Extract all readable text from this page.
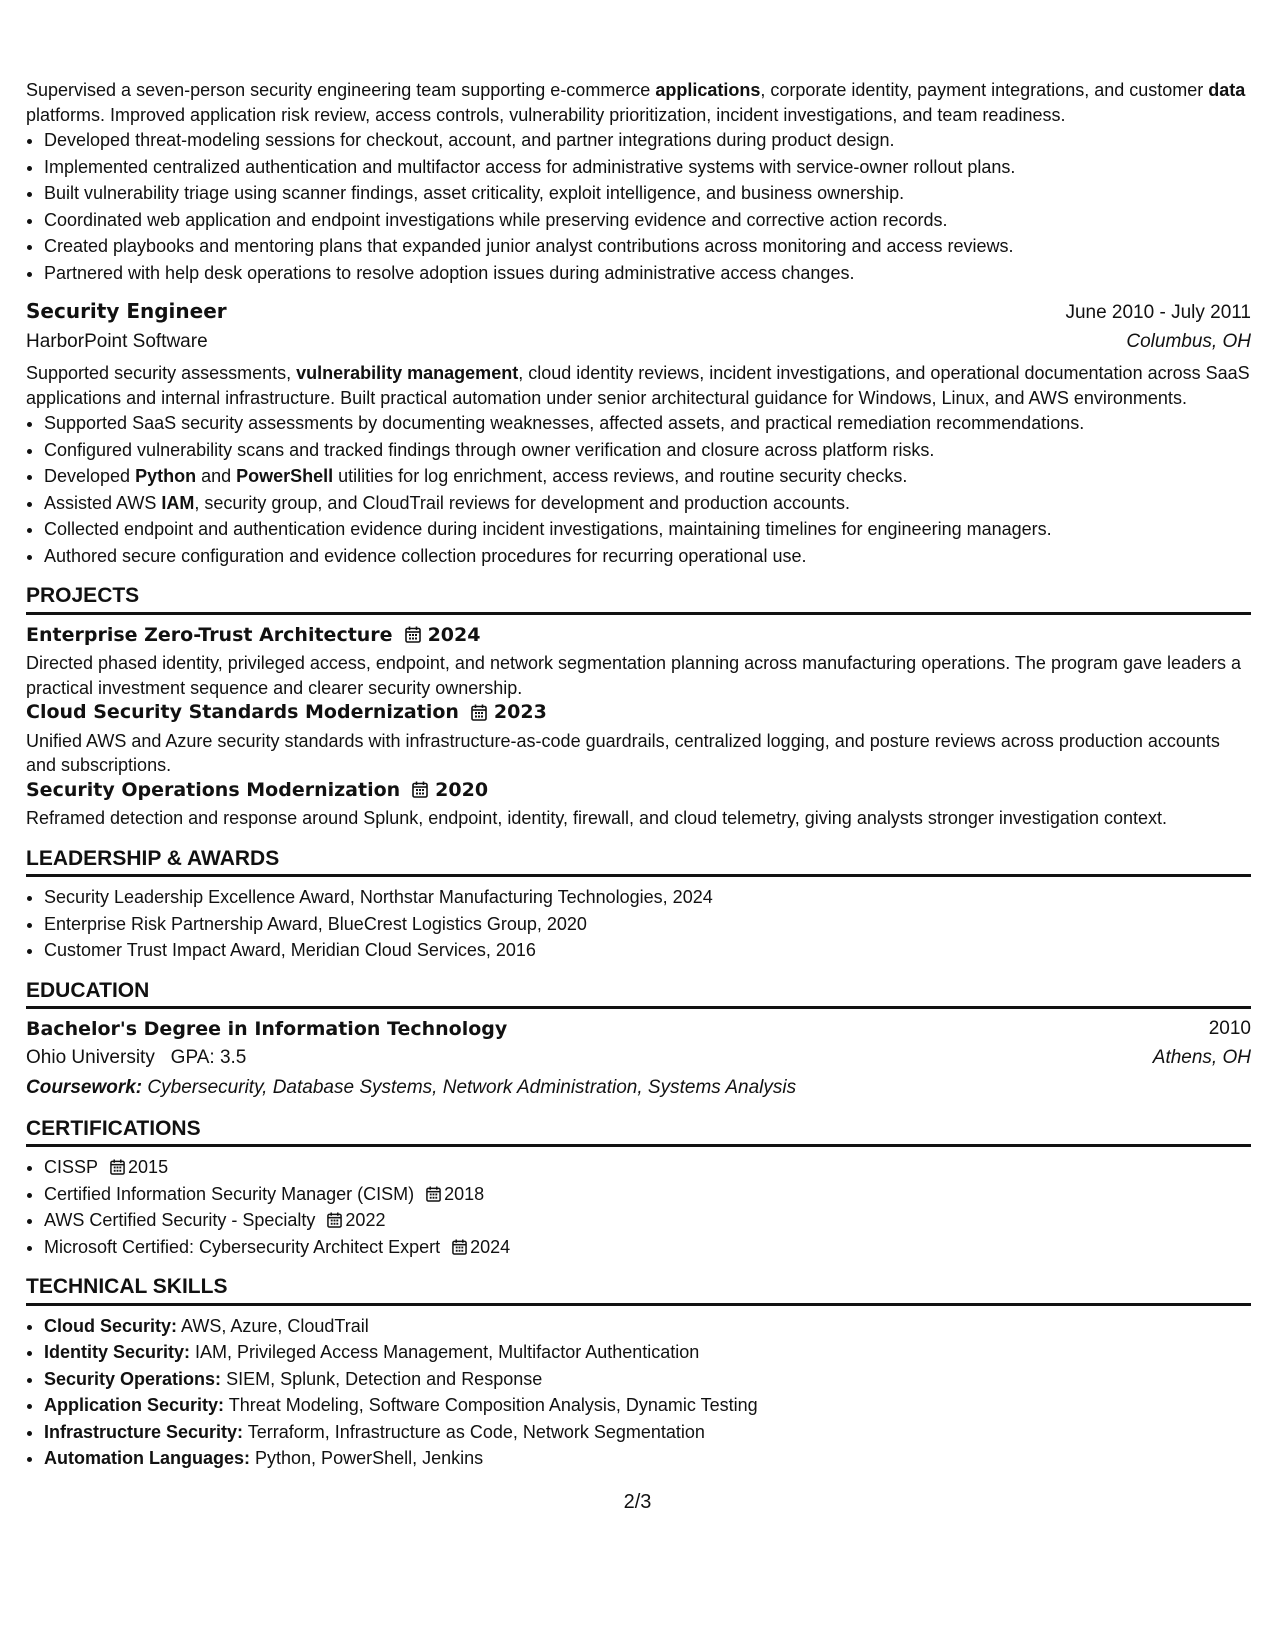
Supervised a seven-person security engineering team supporting e-commerce applications, corporate identity, payment integrations, and customer data platforms. Improved application risk review, access controls, vulnerability prioritization, incident investigations, and team readiness.

• Developed threat-modeling sessions for checkout, account, and partner integrations during product design.
• Implemented centralized authentication and multifactor access for administrative systems with service-owner rollout plans.
• Built vulnerability triage using scanner findings, asset criticality, exploit intelligence, and business ownership.
• Coordinated web application and endpoint investigations while preserving evidence and corrective action records.
• Created playbooks and mentoring plans that expanded junior analyst contributions across monitoring and access reviews.
• Partnered with help desk operations to resolve adoption issues during administrative access changes.
Security Engineer	June 2010 - July 2011
HarborPoint Software	Columbus, OH

Supported security assessments, vulnerability management, cloud identity reviews, incident investigations, and operational documentation across SaaS applications and internal infrastructure. Built practical automation under senior architectural guidance for Windows, Linux, and AWS environments.

• Supported SaaS security assessments by documenting weaknesses, affected assets, and practical remediation recommendations.
• Configured vulnerability scans and tracked findings through owner verification and closure across platform risks.
• Developed Python and PowerShell utilities for log enrichment, access reviews, and routine security checks.
• Assisted AWS IAM, security group, and CloudTrail reviews for development and production accounts.
• Collected endpoint and authentication evidence during incident investigations, maintaining timelines for engineering managers.
• Authored secure configuration and evidence collection procedures for recurring operational use.
PROJECTS
Enterprise Zero-Trust Architecture 2024

Directed phased identity, privileged access, endpoint, and network segmentation planning across manufacturing operations. The program gave leaders a practical investment sequence and clearer security ownership.

Cloud Security Standards Modernization 2023

Unified AWS and Azure security standards with infrastructure-as-code guardrails, centralized logging, and posture reviews across production accounts and subscriptions.

Security Operations Modernization 2020

Reframed detection and response around Splunk, endpoint, identity, firewall, and cloud telemetry, giving analysts stronger investigation context.

LEADERSHIP & AWARDS
• Security Leadership Excellence Award, Northstar Manufacturing Technologies, 2024
• Enterprise Risk Partnership Award, BlueCrest Logistics Group, 2020
• Customer Trust Impact Award, Meridian Cloud Services, 2016
EDUCATION
Bachelor's Degree in Information Technology	2010
Ohio University GPA: 3.5	Athens, OH
Coursework: Cybersecurity, Database Systems, Network Administration, Systems Analysis
CERTIFICATIONS
• CISSP 2015
• Certified Information Security Manager (CISM) 2018
• AWS Certified Security - Specialty 2022
• Microsoft Certified: Cybersecurity Architect Expert 2024
TECHNICAL SKILLS
• Cloud Security: AWS, Azure, CloudTrail
• Identity Security: IAM, Privileged Access Management, Multifactor Authentication
• Security Operations: SIEM, Splunk, Detection and Response
• Application Security: Threat Modeling, Software Composition Analysis, Dynamic Testing
• Infrastructure Security: Terraform, Infrastructure as Code, Network Segmentation
• Automation Languages: Python, PowerShell, Jenkins
2/3
